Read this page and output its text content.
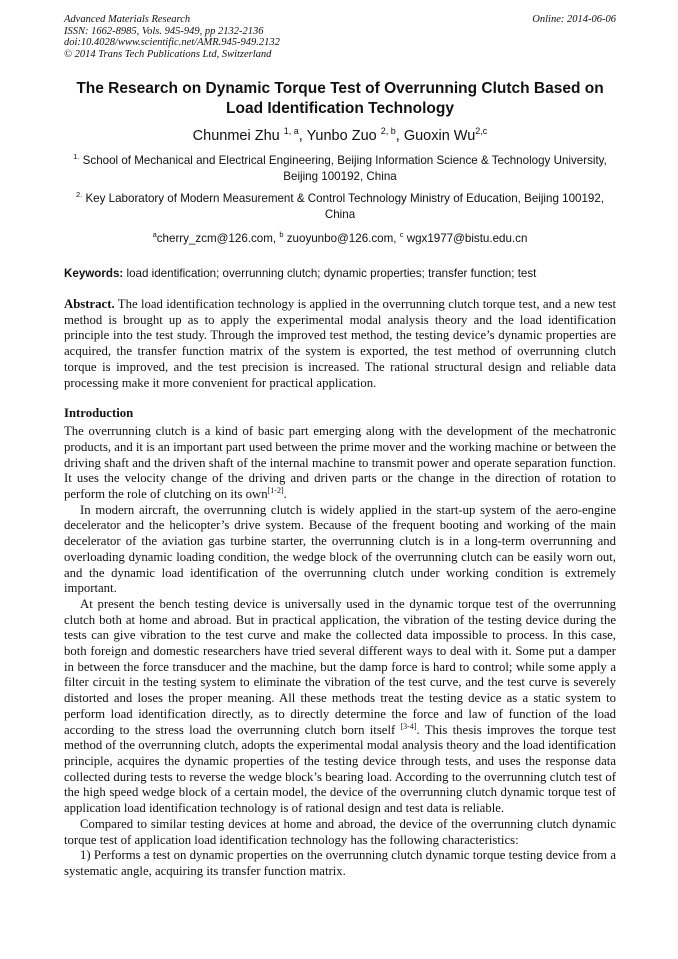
Advanced Materials Research
ISSN: 1662-8985, Vols. 945-949, pp 2132-2136
doi:10.4028/www.scientific.net/AMR.945-949.2132
© 2014 Trans Tech Publications Ltd, Switzerland
Online: 2014-06-06
The Research on Dynamic Torque Test of Overrunning Clutch Based on Load Identification Technology
Chunmei Zhu $^{1, a}$, Yunbo Zuo $^{2, b}$, Guoxin Wu$^{2,c}$
$^{1.}$ School of Mechanical and Electrical Engineering, Beijing Information Science & Technology University, Beijing 100192, China
$^{2.}$ Key Laboratory of Modern Measurement & Control Technology Ministry of Education, Beijing 100192, China
$^a$cherry_zcm@126.com, $^b$ zuoyunbo@126.com, $^c$ wgx1977@bistu.edu.cn
Keywords: load identification; overrunning clutch; dynamic properties; transfer function; test
Abstract. The load identification technology is applied in the overrunning clutch torque test, and a new test method is brought up as to apply the experimental modal analysis theory and the load identification principle into the test study. Through the improved test method, the testing device’s dynamic properties are acquired, the transfer function matrix of the system is exported, the test method of overrunning clutch torque is improved, and the test precision is increased. The rational structural design and reliable data processing make it more convenient for practical application.
Introduction

The overrunning clutch is a kind of basic part emerging along with the development of the mechatronic products, and it is an important part used between the prime mover and the working machine or between the driving shaft and the driven shaft of the internal machine to transmit power and operate separation function. It uses the velocity change of the driving and driven parts or the change in the direction of rotation to perform the role of clutching on its own[1-2].

In modern aircraft, the overrunning clutch is widely applied in the start-up system of the aero-engine decelerator and the helicopter’s drive system. Because of the frequent booting and working of the main decelerator of the aviation gas turbine starter, the overrunning clutch is in a long-term overrunning and overloading dynamic loading condition, the wedge block of the overrunning clutch can be easily worn out, and the dynamic load identification of the overrunning clutch under working condition is extremely important.

At present the bench testing device is universally used in the dynamic torque test of the overrunning clutch both at home and abroad. But in practical application, the vibration of the testing device during the tests can give vibration to the test curve and make the collected data impossible to process. In this case, both foreign and domestic researchers have tried several different ways to deal with it. Some put a damper in between the force transducer and the machine, but the damp force is hard to control; while some apply a filter circuit in the testing system to eliminate the vibration of the test curve, and the test curve is severely distorted and loses the proper meaning. All these methods treat the testing device as a static system to perform load identification directly, as to directly determine the force and law of function of the load according to the stress load the overrunning clutch born itself [3-4]. This thesis improves the torque test method of the overrunning clutch, adopts the experimental modal analysis theory and the load identification principle, acquires the dynamic properties of the testing device through tests, and uses the response data collected during tests to reverse the wedge block’s bearing load. According to the overrunning clutch test of the high speed wedge block of a certain model, the device of the overrunning clutch dynamic torque test of application load identification technology is of rational design and test data is reliable.

Compared to similar testing devices at home and abroad, the device of the overrunning clutch dynamic torque test of application load identification technology has the following characteristics:

1) Performs a test on dynamic properties on the overrunning clutch dynamic torque testing device from a systematic angle, acquiring its transfer function matrix.
